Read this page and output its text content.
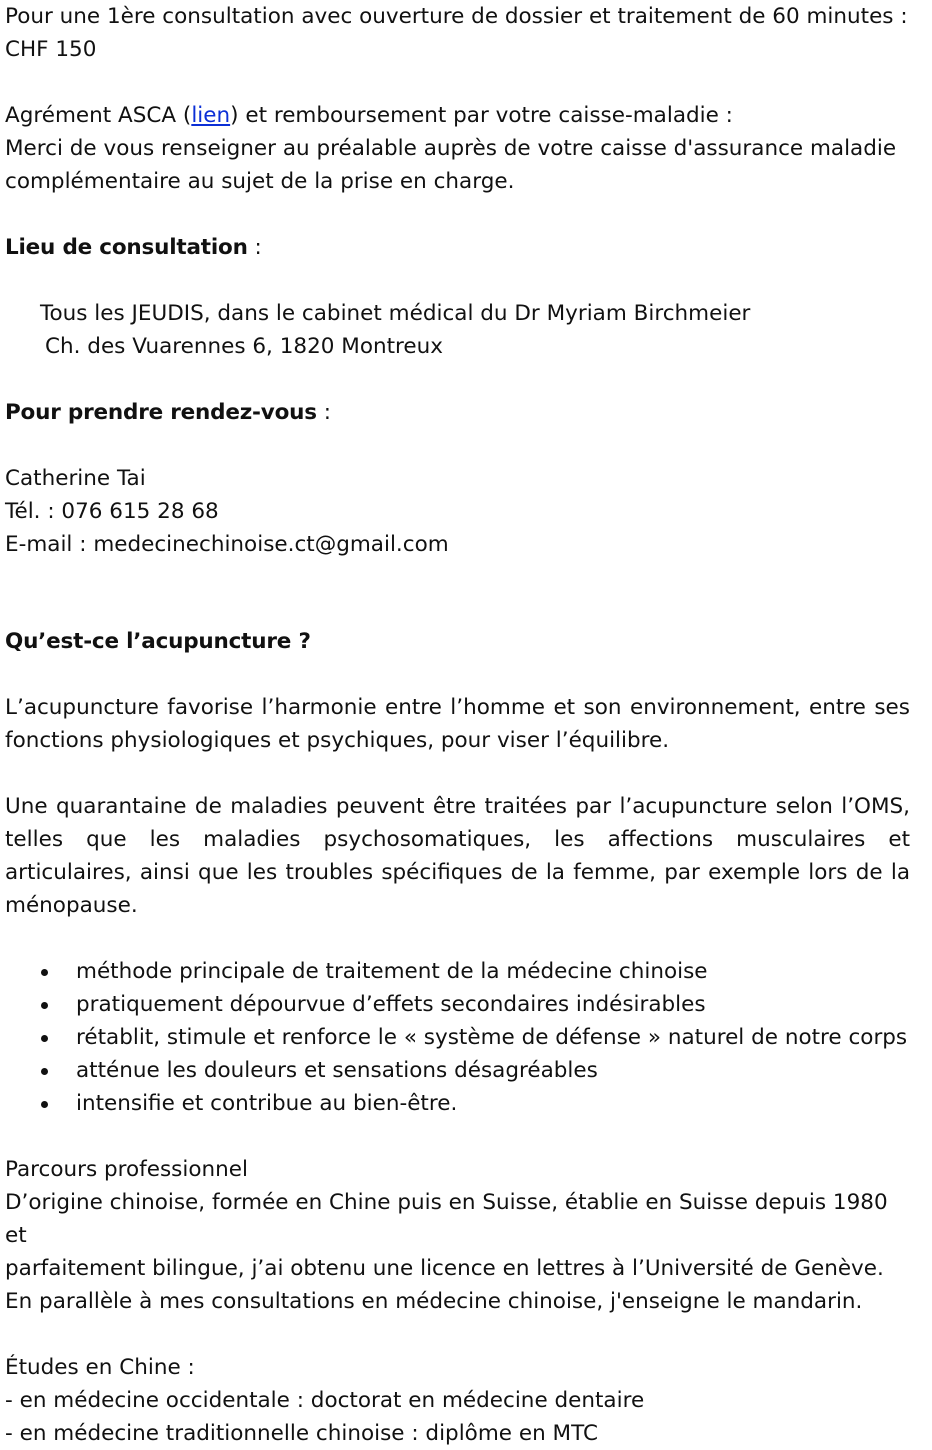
Pour une 1ère consultation avec ouverture de dossier et traitement de 60 minutes :

CHF 150

Agrément ASCA (lien) et remboursement par votre caisse-maladie :

Merci de vous renseigner au préalable auprès de votre caisse d'assurance maladie

complémentaire au sujet de la prise en charge.

Lieu de consultation :

Tous les JEUDIS, dans le cabinet médical du Dr Myriam Birchmeier

Ch. des Vuarennes 6, 1820 Montreux

Pour prendre rendez-vous :

Catherine Tai

Tél. : 076 615 28 68

E-mail : medecinechinoise.ct@gmail.com

Qu’est-ce l’acupuncture ?

L’acupuncture favorise l’harmonie entre l’homme et son environnement, entre ses fonctions physiologiques et psychiques, pour viser l’équilibre.

Une quarantaine de maladies peuvent être traitées par l’acupuncture selon l’OMS, telles que les maladies psychosomatiques, les affections musculaires et articulaires, ainsi que les troubles spécifiques de la femme, par exemple lors de la ménopause.

méthode principale de traitement de la médecine chinoise
pratiquement dépourvue d’effets secondaires indésirables
rétablit, stimule et renforce le « système de défense » naturel de notre corps
atténue les douleurs et sensations désagréables
intensifie et contribue au bien-être.

Parcours professionnel

D’origine chinoise, formée en Chine puis en Suisse, établie en Suisse depuis 1980 et

parfaitement bilingue, j’ai obtenu une licence en lettres à l’Université de Genève.

En parallèle à mes consultations en médecine chinoise, j'enseigne le mandarin.

Études en Chine :

- en médecine occidentale : doctorat en médecine dentaire

- en médecine traditionnelle chinoise : diplôme en MTC
